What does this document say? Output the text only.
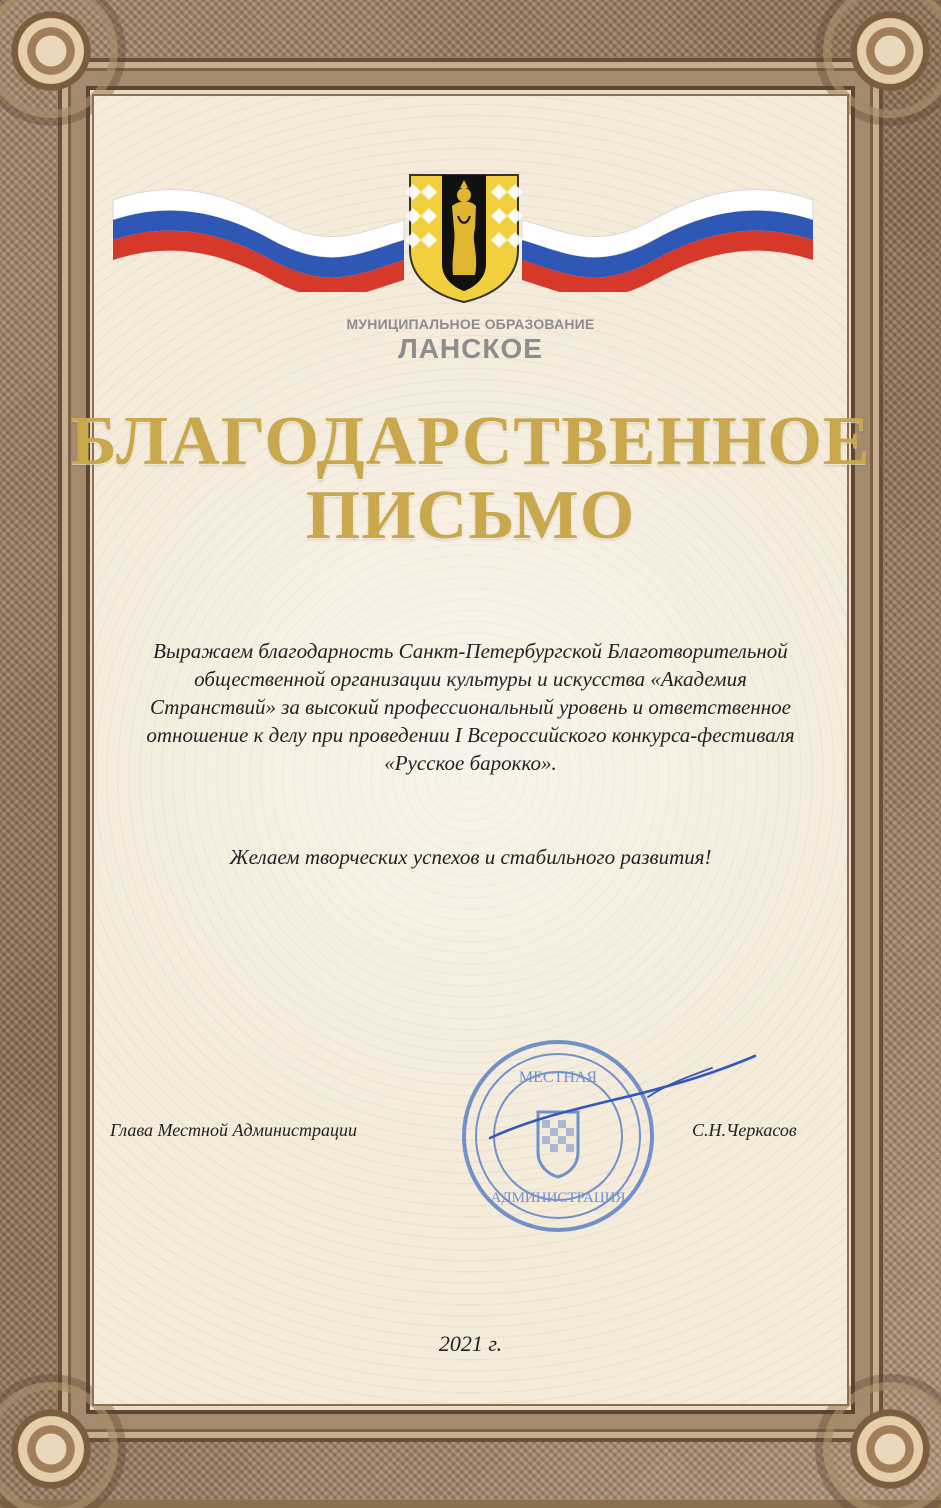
МУНИЦИПАЛЬНОЕ ОБРАЗОВАНИЕ
ЛАНСКОЕ
БЛАГОДАРСТВЕННОЕ
ПИСЬМО
Выражаем благодарность Санкт-Петербургской Благотворительной общественной организации культуры и искусства «Академия Странствий» за высокий профессиональный уровень и ответственное отношение к делу при проведении I Всероссийского конкурса-фестиваля «Русское барокко».
Желаем творческих успехов и стабильного развития!
Глава Местной Администрации	С.Н.Черкасов
МЕСТНАЯ
АДМИНИСТРАЦИЯ
2021 г.
